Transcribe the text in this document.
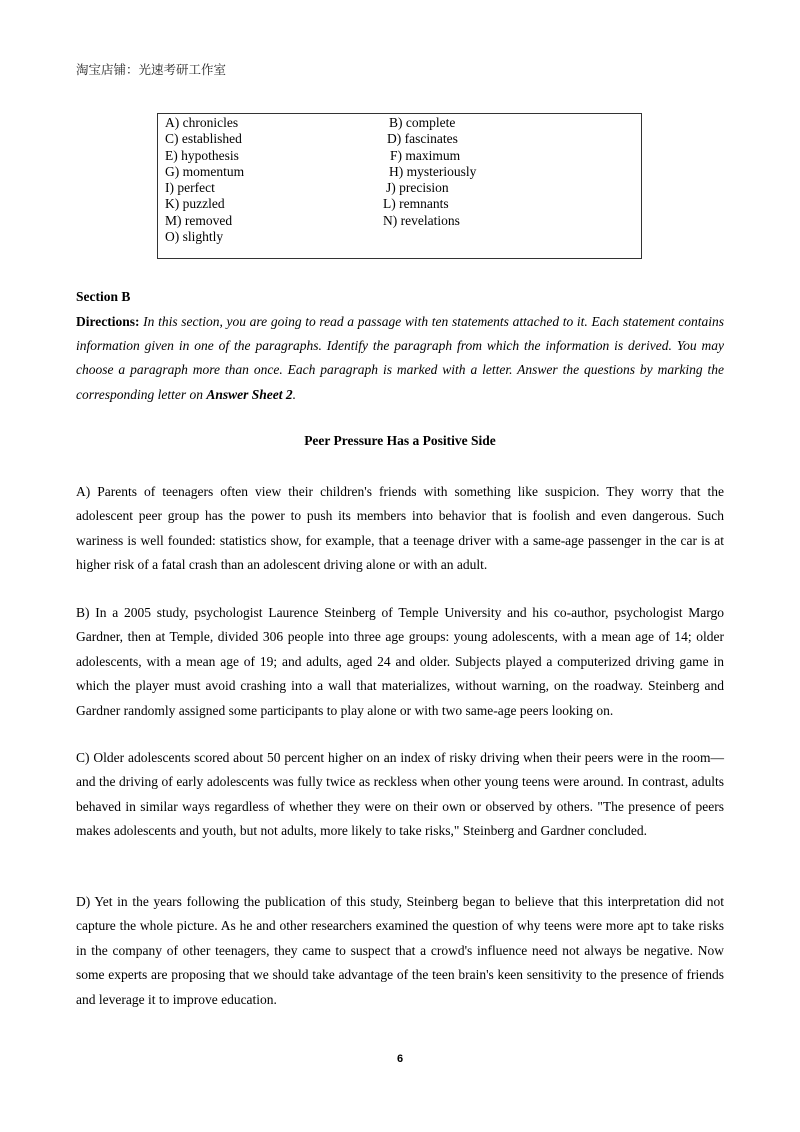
淘宝店铺：光速考研工作室
A) chronicles	B) complete
C) established	D) fascinates
E) hypothesis	F) maximum
G) momentum	H) mysteriously
I) perfect	J) precision
K) puzzled	L) remnants
M) removed	N) revelations
O) slightly
Section B
Directions: In this section, you are going to read a passage with ten statements attached to it. Each statement contains information given in one of the paragraphs. Identify the paragraph from which the information is derived. You may choose a paragraph more than once. Each paragraph is marked with a letter. Answer the questions by marking the corresponding letter on Answer Sheet 2.
Peer Pressure Has a Positive Side

A) Parents of teenagers often view their children's friends with something like suspicion. They worry that the adolescent peer group has the power to push its members into behavior that is foolish and even dangerous. Such wariness is well founded: statistics show, for example, that a teenage driver with a same-age passenger in the car is at higher risk of a fatal crash than an adolescent driving alone or with an adult.

B) In a 2005 study, psychologist Laurence Steinberg of Temple University and his co-author, psychologist Margo Gardner, then at Temple, divided 306 people into three age groups: young adolescents, with a mean age of 14; older adolescents, with a mean age of 19; and adults, aged 24 and older. Subjects played a computerized driving game in which the player must avoid crashing into a wall that materializes, without warning, on the roadway. Steinberg and Gardner randomly assigned some participants to play alone or with two same-age peers looking on.

C) Older adolescents scored about 50 percent higher on an index of risky driving when their peers were in the room—and the driving of early adolescents was fully twice as reckless when other young teens were around. In contrast, adults behaved in similar ways regardless of whether they were on their own or observed by others. "The presence of peers makes adolescents and youth, but not adults, more likely to take risks," Steinberg and Gardner concluded.

D) Yet in the years following the publication of this study, Steinberg began to believe that this interpretation did not capture the whole picture. As he and other researchers examined the question of why teens were more apt to take risks in the company of other teenagers, they came to suspect that a crowd's influence need not always be negative. Now some experts are proposing that we should take advantage of the teen brain's keen sensitivity to the presence of friends and leverage it to improve education.

6
